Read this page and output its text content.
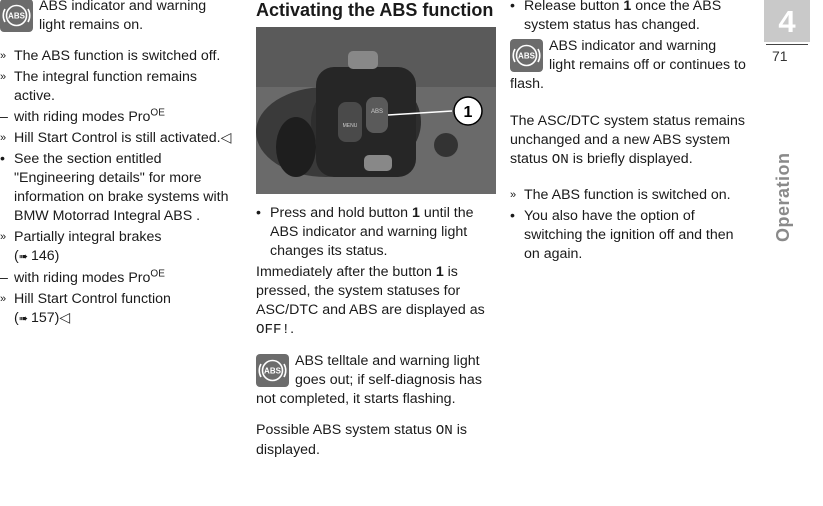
ABS

ABS indicator and warning light remains on.

» The ABS function is switched off.
» The integral function remains active.
– with riding modes Pro$^{OE}$
» Hill Start Control is still activated.◁
• See the section entitled "Engineering details" for more information on brake systems with BMW Motorrad Integral ABS .
» Partially integral brakes
(➠ 146)
– with riding modes Pro$^{OE}$
» Hill Start Control function
(➠ 157)◁
Activating the ABS function
ABS
MENU
1
• Press and hold button 1 until the ABS indicator and warning light changes its status.

Immediately after the button 1 is pressed, the system statuses for ASC/DTC and ABS are displayed as OFF!.

ABS

ABS telltale and warning light goes out; if self-diagnosis has not completed, it starts flashing.

Possible ABS system status ON is displayed.

• Release button 1 once the ABS system status has changed.
ABS

ABS indicator and warning light remains off or continues to flash.

The ASC/DTC system status remains unchanged and a new ABS system status ON is briefly displayed.

» The ABS function is switched on.
• You also have the option of switching the ignition off and then on again.
4
71
Operation
